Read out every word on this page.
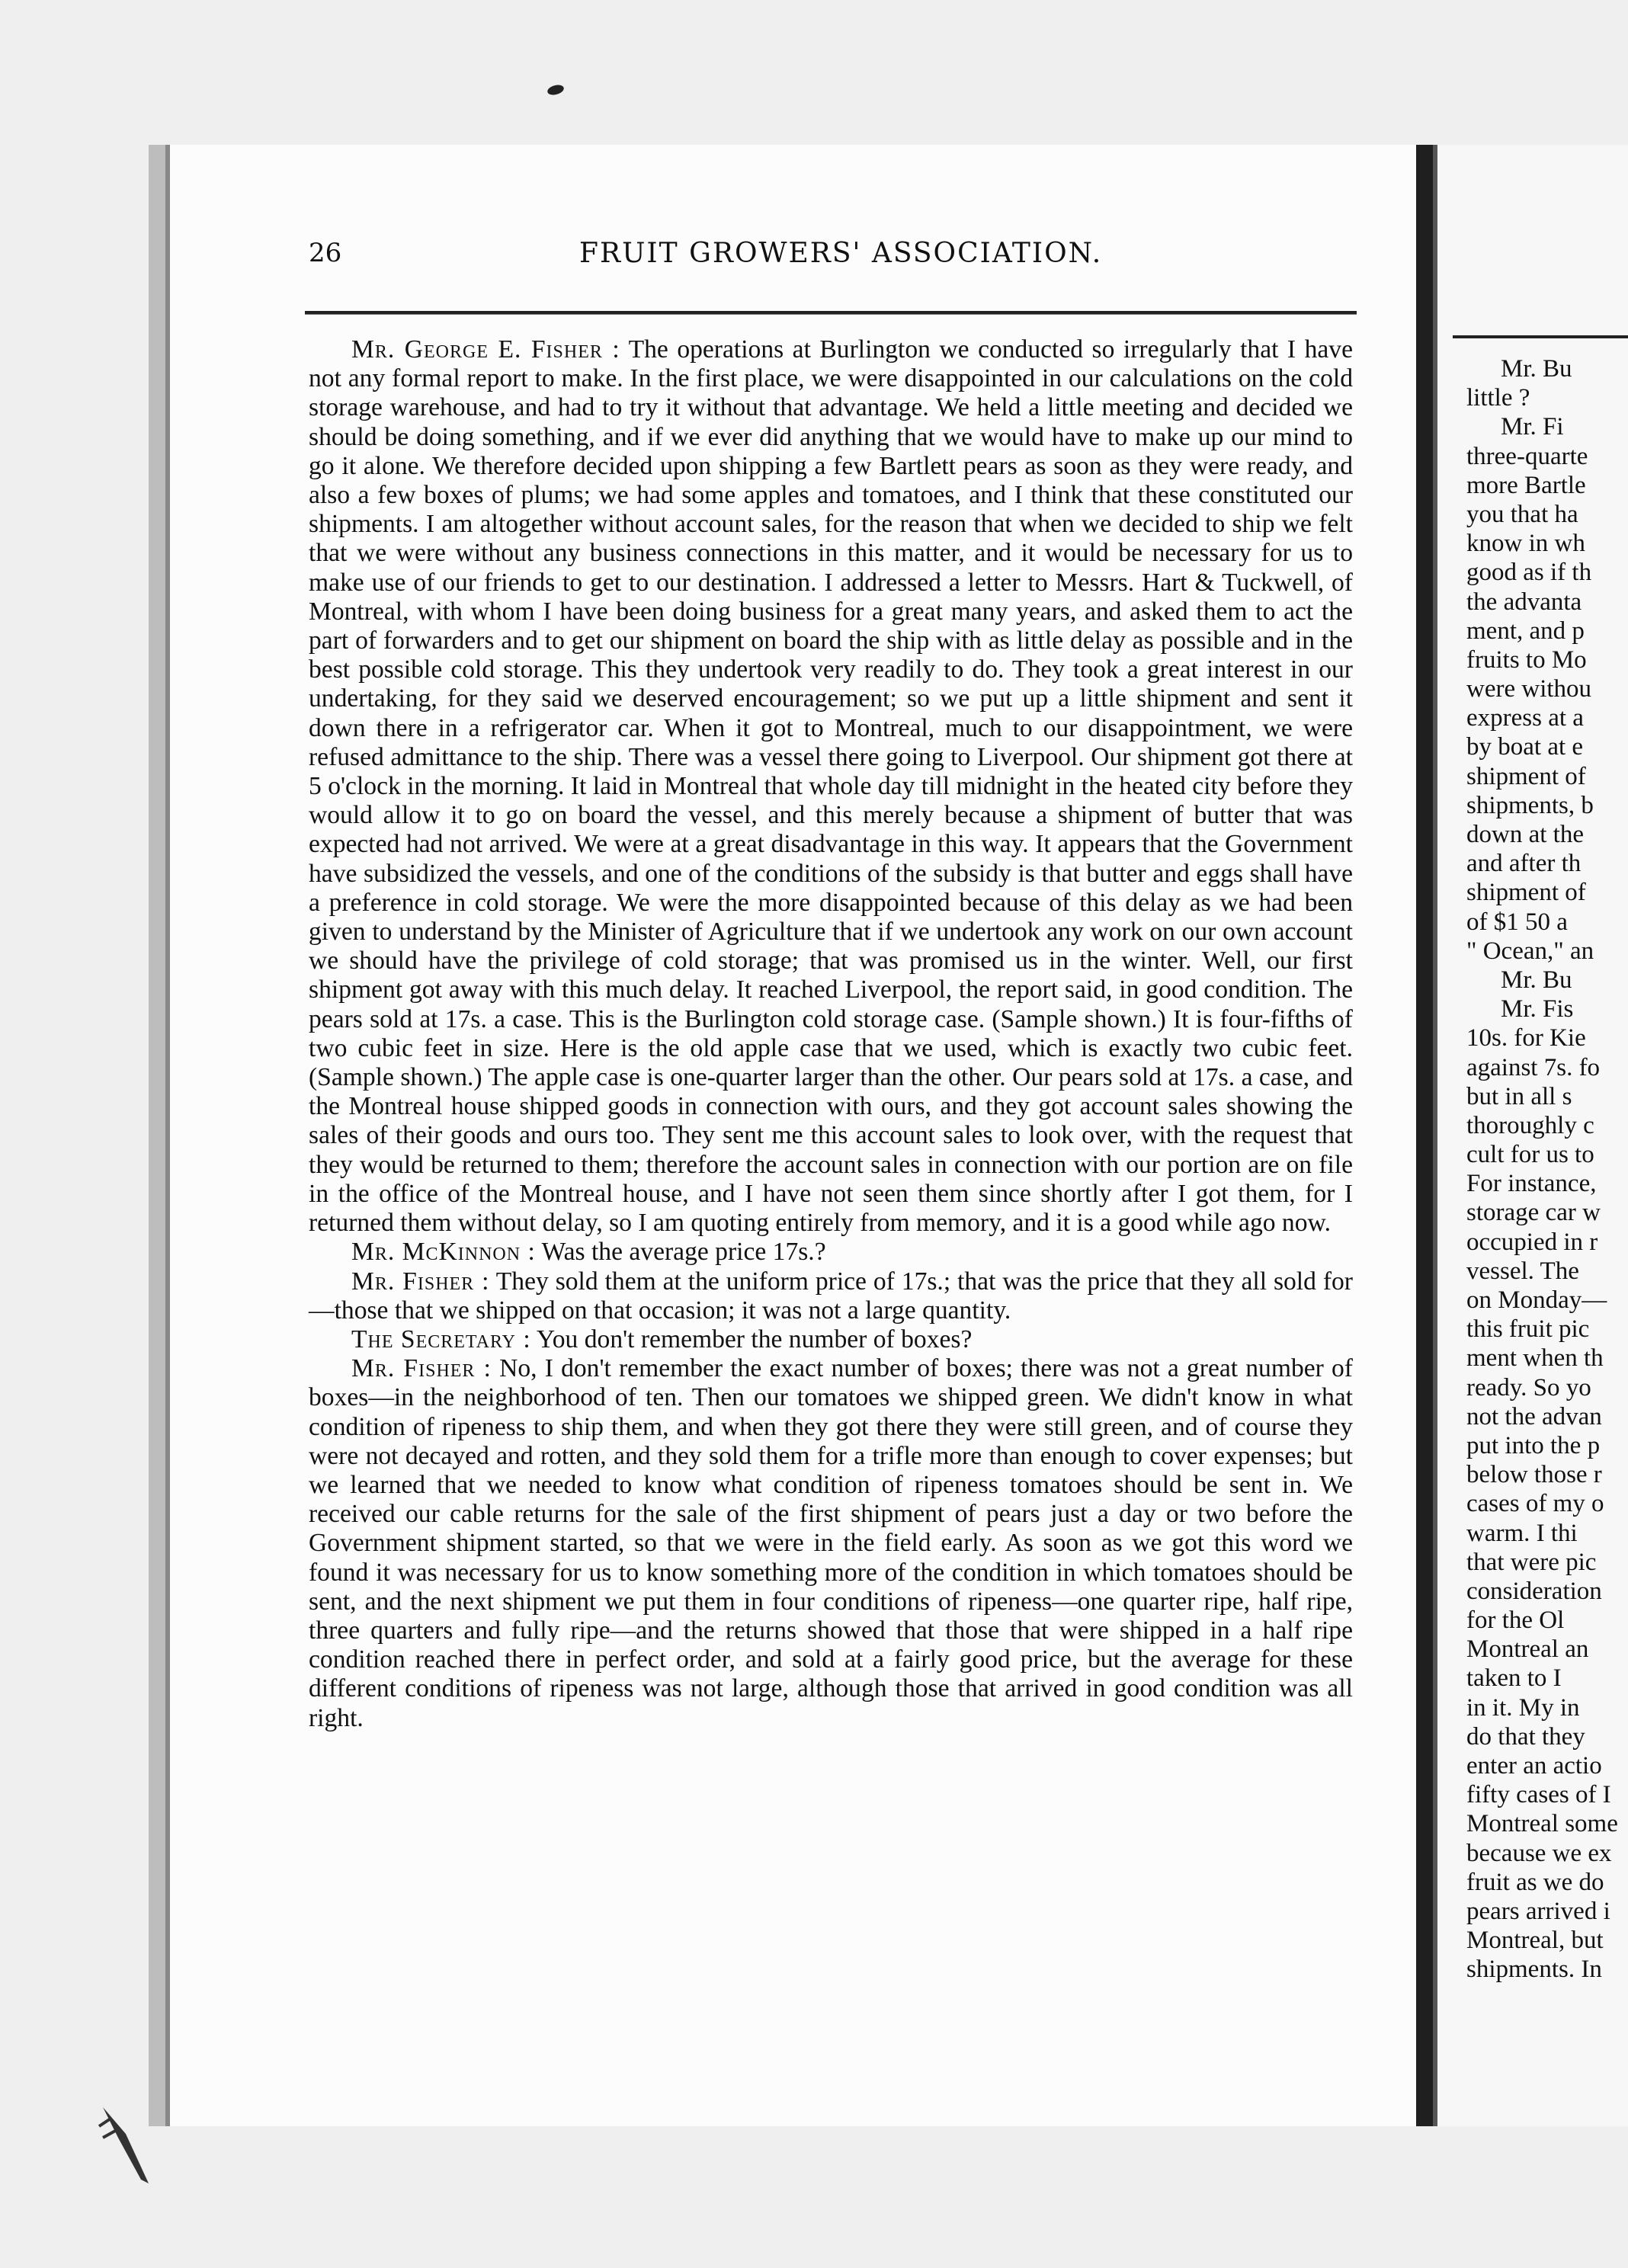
26	FRUIT GROWERS' ASSOCIATION.

Mr. George E. Fisher : The operations at Burlington we conducted so irregularly that I have not any formal report to make. In the first place, we were disappointed in our calculations on the cold storage warehouse, and had to try it without that advantage. We held a little meeting and decided we should be doing something, and if we ever did anything that we would have to make up our mind to go it alone. We therefore decided upon shipping a few Bartlett pears as soon as they were ready, and also a few boxes of plums; we had some apples and tomatoes, and I think that these constituted our shipments. I am altogether without account sales, for the reason that when we decided to ship we felt that we were without any business connections in this matter, and it would be necessary for us to make use of our friends to get to our destination. I addressed a letter to Messrs. Hart & Tuckwell, of Montreal, with whom I have been doing business for a great many years, and asked them to act the part of forwarders and to get our shipment on board the ship with as little delay as possible and in the best possible cold storage. This they undertook very readily to do. They took a great interest in our undertaking, for they said we deserved encouragement; so we put up a little shipment and sent it down there in a refrigerator car. When it got to Montreal, much to our disappointment, we were refused admittance to the ship. There was a vessel there going to Liverpool. Our shipment got there at 5 o'clock in the morning. It laid in Montreal that whole day till midnight in the heated city before they would allow it to go on board the vessel, and this merely because a shipment of butter that was expected had not arrived. We were at a great disadvantage in this way. It appears that the Government have subsidized the vessels, and one of the conditions of the subsidy is that butter and eggs shall have a preference in cold storage. We were the more disappointed because of this delay as we had been given to understand by the Minister of Agriculture that if we undertook any work on our own account we should have the privilege of cold storage; that was promised us in the winter. Well, our first shipment got away with this much delay. It reached Liverpool, the report said, in good condition. The pears sold at 17s. a case. This is the Burlington cold storage case. (Sample shown.) It is four-fifths of two cubic feet in size. Here is the old apple case that we used, which is exactly two cubic feet. (Sample shown.) The apple case is one-quarter larger than the other. Our pears sold at 17s. a case, and the Montreal house shipped goods in connection with ours, and they got account sales showing the sales of their goods and ours too. They sent me this account sales to look over, with the request that they would be returned to them; therefore the account sales in connection with our portion are on file in the office of the Montreal house, and I have not seen them since shortly after I got them, for I returned them without delay, so I am quoting entirely from memory, and it is a good while ago now.

Mr. McKinnon : Was the average price 17s.?

Mr. Fisher : They sold them at the uniform price of 17s.; that was the price that they all sold for—those that we shipped on that occasion; it was not a large quantity.

The Secretary : You don't remember the number of boxes?

Mr. Fisher : No, I don't remember the exact number of boxes; there was not a great number of boxes—in the neighborhood of ten. Then our tomatoes we shipped green. We didn't know in what condition of ripeness to ship them, and when they got there they were still green, and of course they were not decayed and rotten, and they sold them for a trifle more than enough to cover expenses; but we learned that we needed to know what condition of ripeness tomatoes should be sent in. We received our cable returns for the sale of the first shipment of pears just a day or two before the Government shipment started, so that we were in the field early. As soon as we got this word we found it was necessary for us to know something more of the condition in which tomatoes should be sent, and the next shipment we put them in four conditions of ripeness—one quarter ripe, half ripe, three quarters and fully ripe—and the returns showed that those that were shipped in a half ripe condition reached there in perfect order, and sold at a fairly good price, but the average for these different conditions of ripeness was not large, although those that arrived in good condition was all right.

Mr. Bu
little ?
Mr. Fi
three-quarte
more Bartle
you that ha
know in wh
good as if th
the advanta
ment, and p
fruits to Mo
were withou
express at a
by boat at e
shipment of
shipments, b
down at the
and after th
shipment of
of $1 50 a
" Ocean," an
Mr. Bu
Mr. Fis
10s. for Kie
against 7s. fo
but in all s
thoroughly c
cult for us to
For instance,
storage car w
occupied in r
vessel. The
on Monday—
this fruit pic
ment when th
ready. So yo
not the advan
put into the p
below those r
cases of my o
warm. I thi
that were pic
consideration
for the Ol
Montreal an
taken to I
in it. My in
do that they
enter an actio
fifty cases of I
Montreal some
because we ex
fruit as we do
pears arrived i
Montreal, but
shipments. In
